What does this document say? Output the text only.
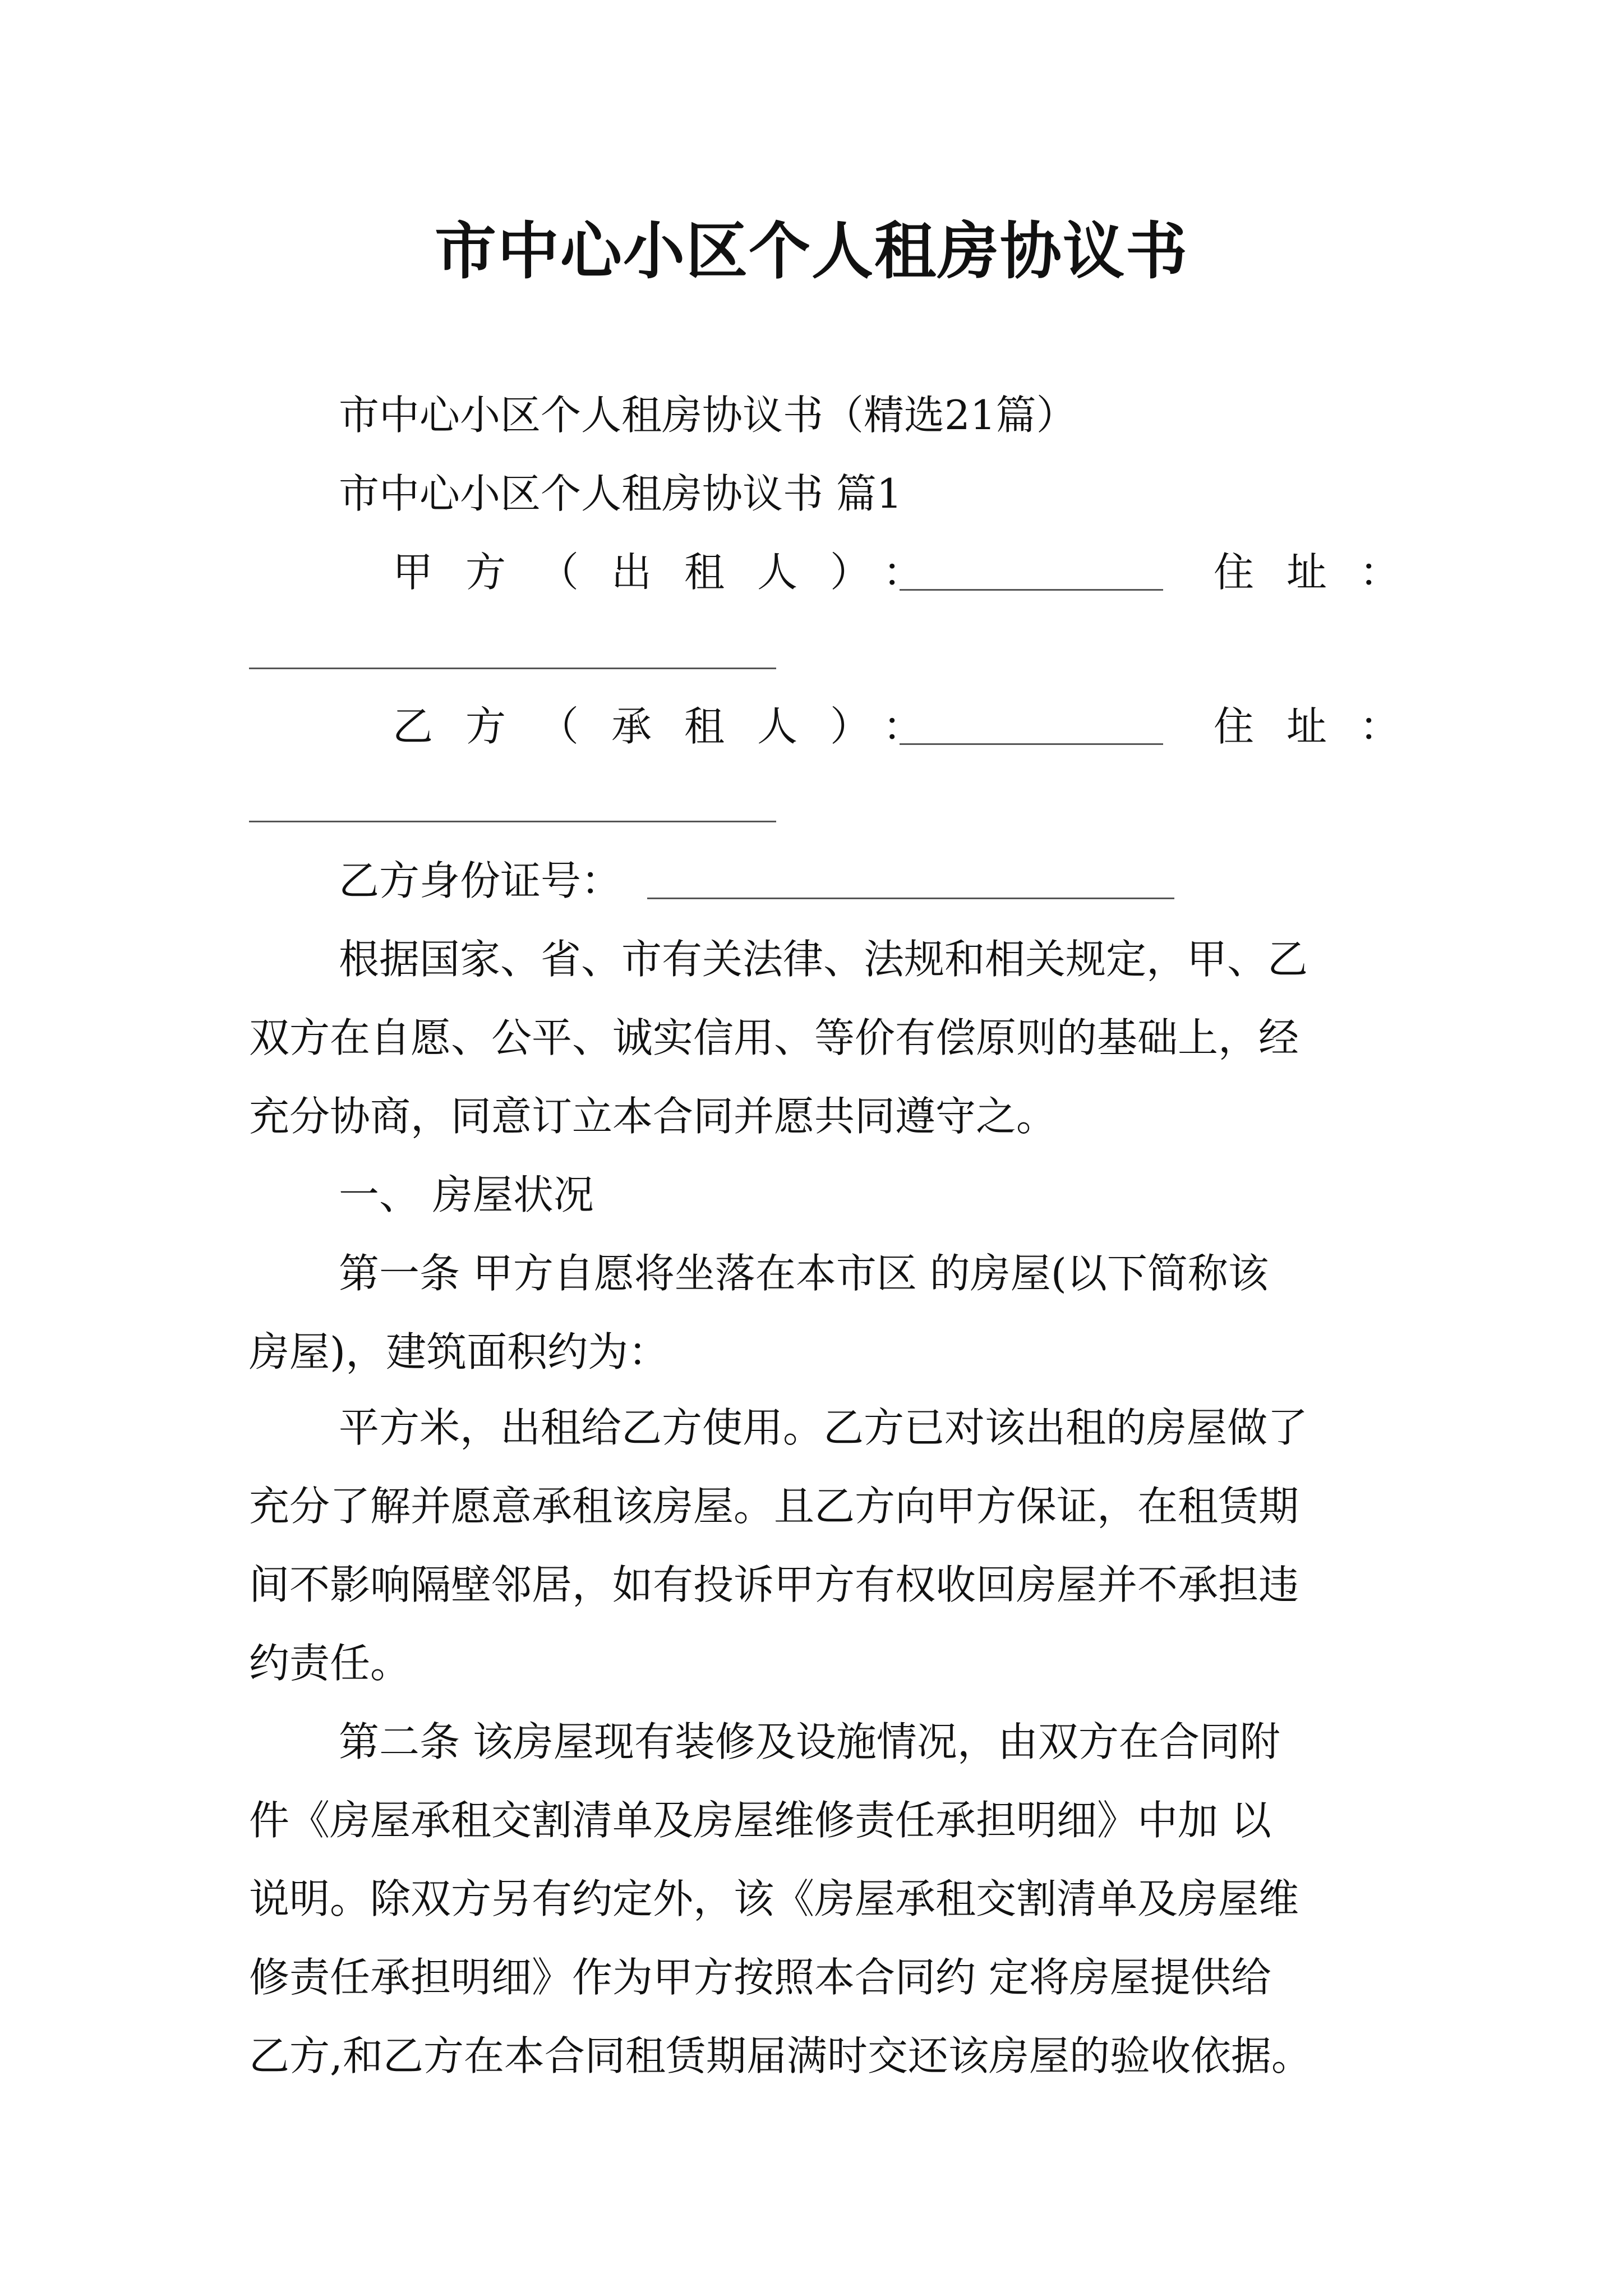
市中心小区个人租房协议书
市中心小区个人租房协议书（精选21篇）
市中心小区个人租房协议书 篇1
甲方（出租人）：	住址：
乙方（承租人）：	住址：
乙方身份证号：
根据国家、省、市有关法律、法规和相关规定，甲、乙
双方在自愿、公平、诚实信用、等价有偿原则的基础上，经
充分协商，同意订立本合同并愿共同遵守之。
一、 房屋状况
第一条 甲方自愿将坐落在本市区 的房屋(以下简称该
房屋)，建筑面积约为：
平方米，出租给乙方使用。乙方已对该出租的房屋做了
充分了解并愿意承租该房屋。且乙方向甲方保证，在租赁期
间不影响隔壁邻居，如有投诉甲方有权收回房屋并不承担违
约责任。
第二条 该房屋现有装修及设施情况，由双方在合同附
件《房屋承租交割清单及房屋维修责任承担明细》中加 以
说明。除双方另有约定外，该《房屋承租交割清单及房屋维
修责任承担明细》作为甲方按照本合同约 定将房屋提供给
乙方,和乙方在本合同租赁期届满时交还该房屋的验收依据。
